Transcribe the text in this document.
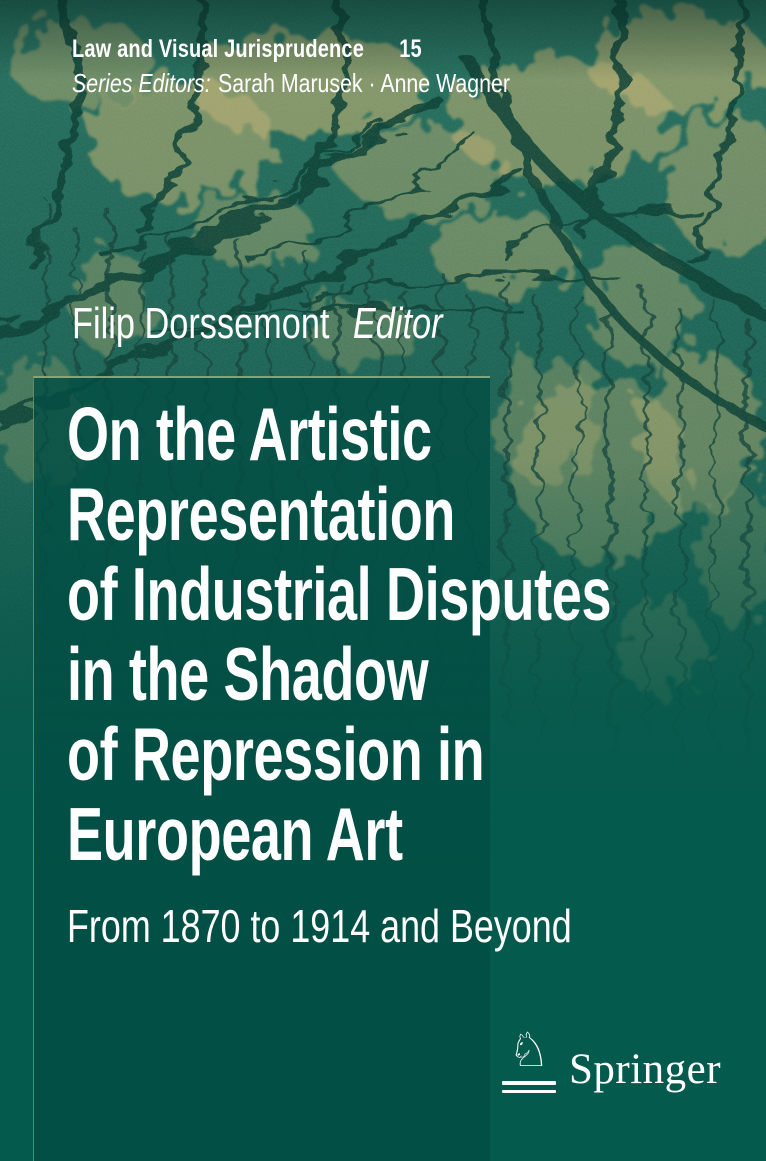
Law and Visual Jurisprudence 15 Series Editors: Sarah Marusek · Anne Wagner
Filip Dorssemont Editor
On the Artistic
Representation
of Industrial Disputes
in the Shadow
of Repression in
European Art
From 1870 to 1914 and Beyond
♘ Springer
